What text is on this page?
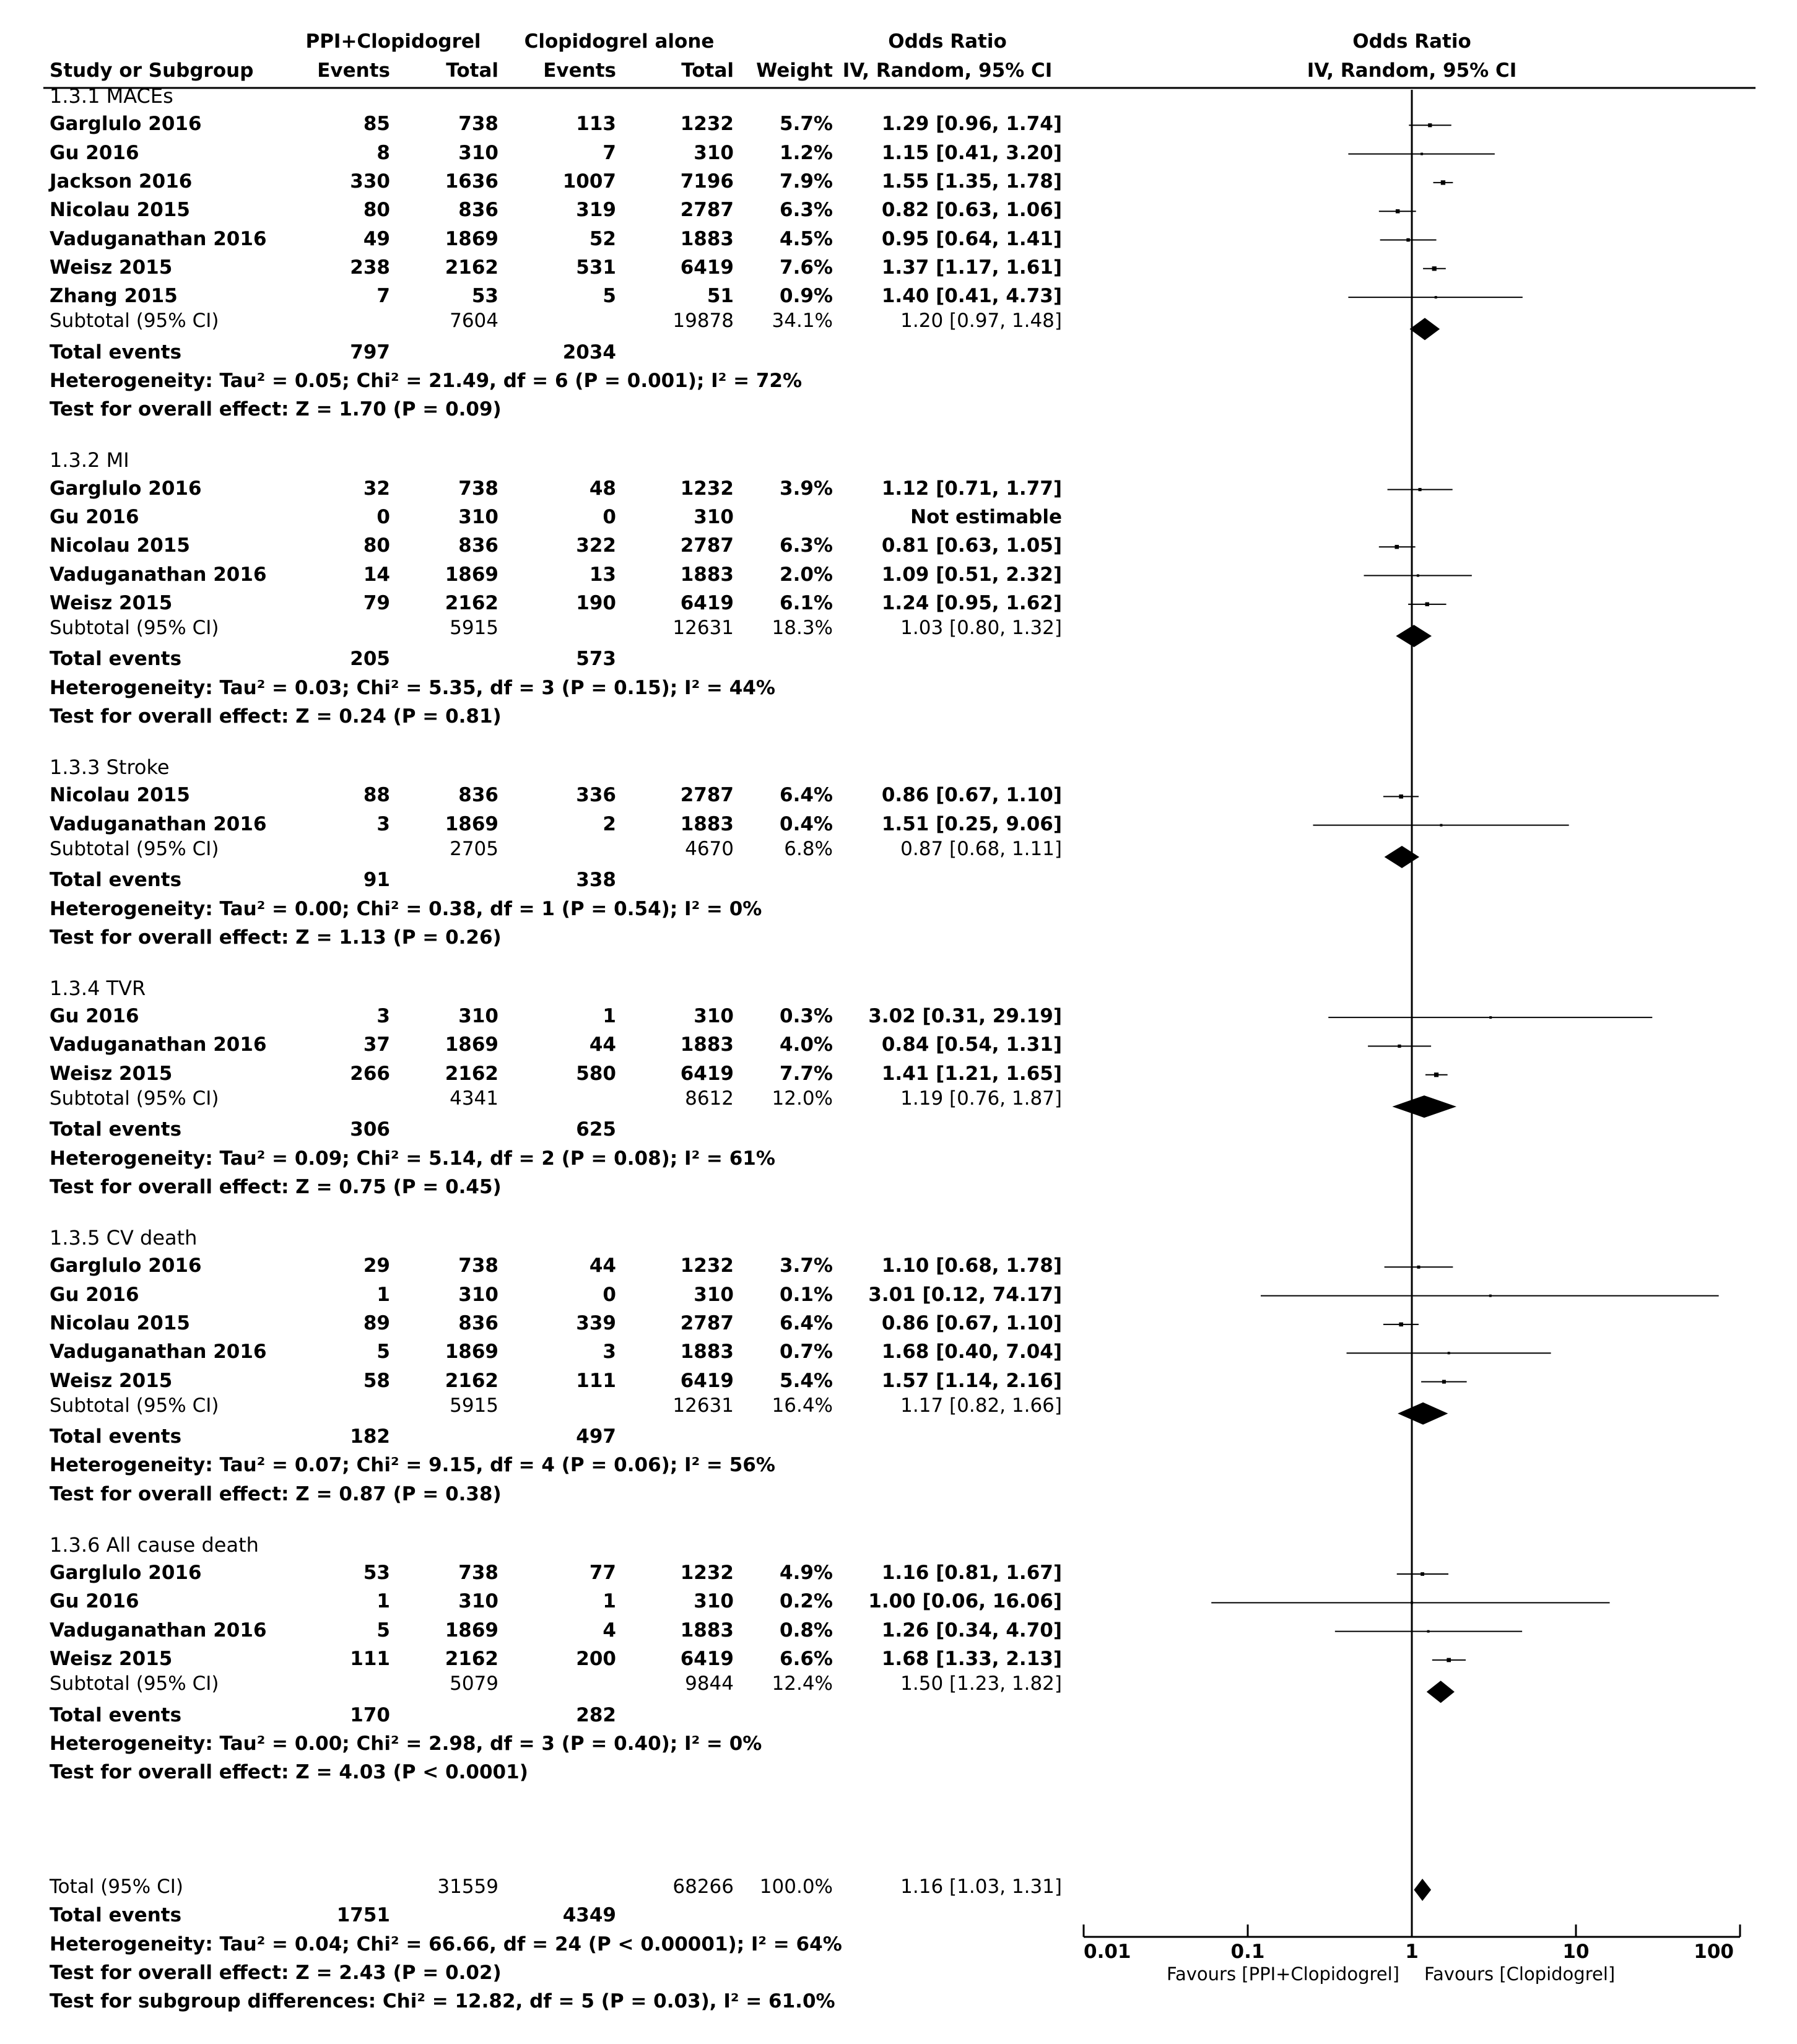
0.01	0.1	1	10	100
Favours [PPI+Clopidogrel] Favours [Clopidogrel]
PPI+Clopidogrel	Clopidogrel alone	Odds Ratio	Odds Ratio
Study or Subgroup	Events	Total Events	Total Weight IV, Random, 95% CI	IV, Random, 95% CI
1.3.1 MACEs
Garglulo 2016	85	738	113	1232 5.7%	1.29 [0.96, 1.74]
Gu 2016	8	310	7	310 1.2%	1.15 [0.41, 3.20]
Jackson 2016	330	1636	1007	7196 7.9%	1.55 [1.35, 1.78]
Nicolau 2015	80	836	319	2787 6.3%	0.82 [0.63, 1.06]
Vaduganathan 2016	49	1869	52	1883 4.5%	0.95 [0.64, 1.41]
Weisz 2015	238	2162	531	6419 7.6%	1.37 [1.17, 1.61]
Zhang 2015	7	53	5	51 0.9%	1.40 [0.41, 4.73]
Subtotal (95% CI)	7604	19878 34.1%	1.20 [0.97, 1.48]
Total events	797	2034
Heterogeneity: Tau² = 0.05; Chi² = 21.49, df = 6 (P = 0.001); I² = 72%
Test for overall effect: Z = 1.70 (P = 0.09)
1.3.2 MI
Garglulo 2016	32	738	48	1232 3.9%	1.12 [0.71, 1.77]
Gu 2016	0	310	0	310	Not estimable
Nicolau 2015	80	836	322	2787 6.3%	0.81 [0.63, 1.05]
Vaduganathan 2016	14	1869	13	1883 2.0%	1.09 [0.51, 2.32]
Weisz 2015	79	2162	190	6419 6.1%	1.24 [0.95, 1.62]
Subtotal (95% CI)	5915	12631 18.3%	1.03 [0.80, 1.32]
Total events	205	573
Heterogeneity: Tau² = 0.03; Chi² = 5.35, df = 3 (P = 0.15); I² = 44%
Test for overall effect: Z = 0.24 (P = 0.81)
1.3.3 Stroke
Nicolau 2015	88	836	336	2787 6.4%	0.86 [0.67, 1.10]
Vaduganathan 2016	3	1869	2	1883 0.4%	1.51 [0.25, 9.06]
Subtotal (95% CI)	2705	4670	6.8%	0.87 [0.68, 1.11]
Total events	91	338
Heterogeneity: Tau² = 0.00; Chi² = 0.38, df = 1 (P = 0.54); I² = 0%
Test for overall effect: Z = 1.13 (P = 0.26)
1.3.4 TVR
Gu 2016	3	310	1	310 0.3% 3.02 [0.31, 29.19]
Vaduganathan 2016	37	1869	44	1883 4.0%	0.84 [0.54, 1.31]
Weisz 2015	266	2162	580	6419 7.7%	1.41 [1.21, 1.65]
Subtotal (95% CI)	4341	8612 12.0%	1.19 [0.76, 1.87]
Total events	306	625
Heterogeneity: Tau² = 0.09; Chi² = 5.14, df = 2 (P = 0.08); I² = 61%
Test for overall effect: Z = 0.75 (P = 0.45)
1.3.5 CV death
Garglulo 2016	29	738	44	1232 3.7%	1.10 [0.68, 1.78]
Gu 2016	1	310	0	310 0.1% 3.01 [0.12, 74.17]
Nicolau 2015	89	836	339	2787 6.4%	0.86 [0.67, 1.10]
Vaduganathan 2016	5	1869	3	1883 0.7%	1.68 [0.40, 7.04]
Weisz 2015	58	2162	111	6419 5.4%	1.57 [1.14, 2.16]
Subtotal (95% CI)	5915	12631 16.4%	1.17 [0.82, 1.66]
Total events	182	497
Heterogeneity: Tau² = 0.07; Chi² = 9.15, df = 4 (P = 0.06); I² = 56%
Test for overall effect: Z = 0.87 (P = 0.38)
1.3.6 All cause death
Garglulo 2016	53	738	77	1232 4.9%	1.16 [0.81, 1.67]
Gu 2016	1	310	1	310 0.2% 1.00 [0.06, 16.06]
Vaduganathan 2016	5	1869	4	1883 0.8%	1.26 [0.34, 4.70]
Weisz 2015	111	2162	200	6419 6.6%	1.68 [1.33, 2.13]
Subtotal (95% CI)	5079	9844 12.4%	1.50 [1.23, 1.82]
Total events	170	282
Heterogeneity: Tau² = 0.00; Chi² = 2.98, df = 3 (P = 0.40); I² = 0%
Test for overall effect: Z = 4.03 (P < 0.0001)
Total (95% CI)	31559	68266 100.0%	1.16 [1.03, 1.31]
Total events	1751	4349
Heterogeneity: Tau² = 0.04; Chi² = 66.66, df = 24 (P < 0.00001); I² = 64%
Test for overall effect: Z = 2.43 (P = 0.02)
Test for subgroup differences: Chi² = 12.82, df = 5 (P = 0.03), I² = 61.0%
